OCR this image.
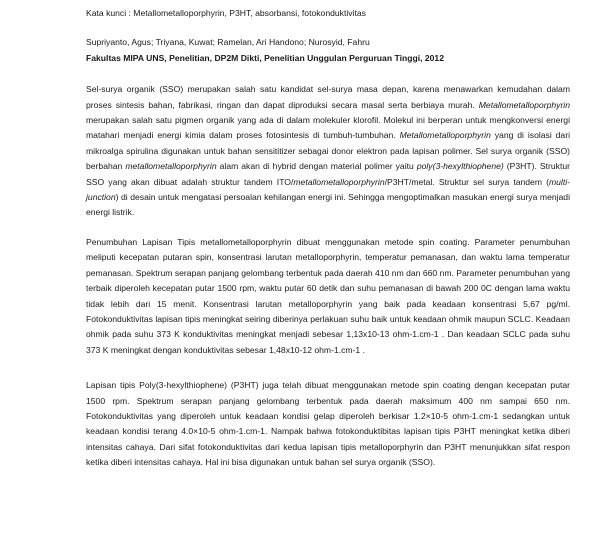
Kata kunci : Metallometalloporphyrin, P3HT, absorbansi, fotokonduktivitas

Supriyanto, Agus; Triyana, Kuwat; Ramelan, Ari Handono; Nurosyid, Fahru

Fakultas MIPA UNS, Penelitian, DP2M Dikti, Penelitian Unggulan Perguruan Tinggi, 2012

Sel-surya organik (SSO) merupakan salah satu kandidat sel-surya masa depan, karena menawarkan kemudahan dalam proses sintesis bahan, fabrikasi, ringan dan dapat diproduksi secara masal serta berbiaya murah. Metallometalloporphyrin merupakan salah satu pigmen organik yang ada di dalam molekuler klorofil. Molekul ini berperan untuk mengkonversi energi matahari menjadi energi kimia dalam proses fotosintesis di tumbuh-tumbuhan. Metallometalloporphyrin yang di isolasi dari mikroalga spirulina digunakan untuk bahan sensititizer sebagai donor elektron pada lapisan polimer. Sel surya organik (SSO) berbahan metallometalloporphyrin alam akan di hybrid dengan material polimer yaitu poly(3-hexylthiophene) (P3HT). Struktur SSO yang akan dibuat adalah struktur tandem ITO/metallometalloporphyrin/P3HT/metal. Struktur sel surya tandem (multi-junction) di desain untuk mengatasi persoalan kehilangan energi ini. Sehingga mengoptimalkan masukan energi surya menjadi energi listrik.

Penumbuhan Lapisan Tipis metallometalloporphyrin dibuat menggunakan metode spin coating. Parameter penumbuhan meliputi kecepatan putaran spin, konsentrasi larutan metalloporphyrin, temperatur pemanasan, dan waktu lama temperatur pemanasan. Spektrum serapan panjang gelombang terbentuk pada daerah 410 nm dan 660 nm. Parameter penumbuhan yang terbaik diperoleh kecepatan putar 1500 rpm, waktu putar 60 detik dan suhu pemanasan di bawah 200 0C dengan lama waktu tidak lebih dari 15 menit. Konsentrasi larutan metalloporphyrin yang baik pada keadaan konsentrasi 5,67 pg/ml. Fotokonduktivitas lapisan tipis meningkat seiring diberinya perlakuan suhu baik untuk keadaan ohmik maupun SCLC. Keadaan ohmik pada suhu 373 K konduktivitas meningkat menjadi sebesar 1,13x10-13 ohm-1.cm-1 . Dan keadaan SCLC pada suhu 373 K meningkat dengan konduktivitas sebesar 1,48x10-12 ohm-1.cm-1 .

Lapisan tipis Poly(3-hexylthiophene) (P3HT) juga telah dibuat menggunakan metode spin coating dengan kecepatan putar 1500 rpm. Spektrum serapan panjang gelombang terbentuk pada daerah maksimum 400 nm sampai 650 nm. Fotokonduktivitas yang diperoleh untuk keadaan kondisi gelap diperoleh berkisar 1.2×10-5 ohm-1.cm-1 sedangkan untuk keadaan kondisi terang 4.0×10-5 ohm-1.cm-1. Nampak bahwa fotokonduktibitas lapisan tipis P3HT meningkat ketika diberi intensitas cahaya. Dari sifat fotokonduktivitas dari kedua lapisan tipis metalloporphyrin dan P3HT menunjukkan sifat respon ketika diberi intensitas cahaya. Hal ini bisa digunakan untuk bahan sel surya organik (SSO).
